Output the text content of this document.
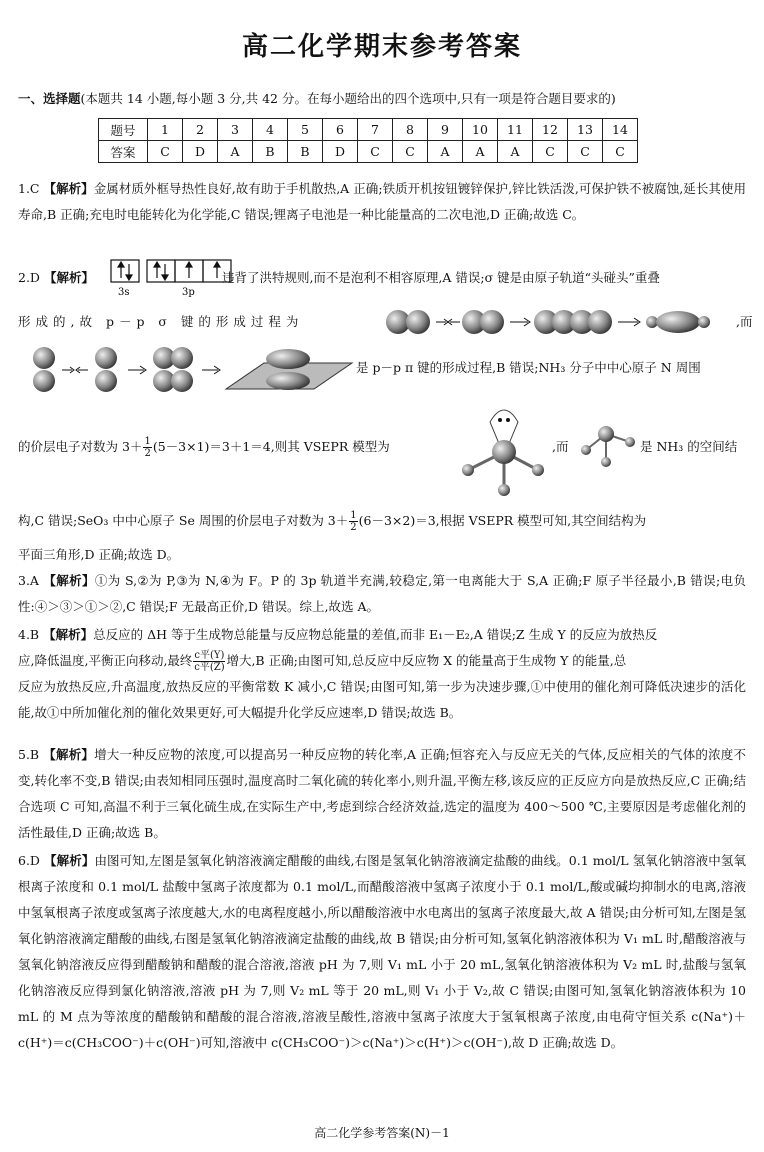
高二化学期末参考答案
一、选择题(本题共 14 小题,每小题 3 分,共 42 分。在每小题给出的四个选项中,只有一项是符合题目要求的)
题号	1	2	3	4	5	6	7	8	9	10	11	12	13	14
答案	C	D	A	B	B	D	C	C	A	A	A	C	C	C
1.C 【解析】金属材质外框导热性良好,故有助于手机散热,A 正确;铁质开机按钮镀锌保护,锌比铁活泼,可保护铁不被腐蚀,延长其使用寿命,B 正确;充电时电能转化为化学能,C 错误;锂离子电池是一种比能量高的二次电池,D 正确;故选 C。
2.D 【解析】	违背了洪特规则,而不是泡利不相容原理,A 错误;σ 键是由原子轨道“头碰头”重叠
3s	3p
形成的,故 p－p σ 键的形成过程为	,而
是 p－p π 键的形成过程,B 错误;NH₃ 分子中中心原子 N 周围
的价层电子对数为 $3+ \frac{1}{2} (5-3\times 1)=3+1=4$,则其 VSEPR 模型为	,而	是 NH₃ 的空间结
构,C 错误;SeO₃ 中中心原子 Se 周围的价层电子对数为 $3+ \frac{1}{2} (6-3\times 2)=3$,根据 VSEPR 模型可知,其空间结构为
平面三角形,D 正确;故选 D。
3.A 【解析】①为 S,②为 P,③为 N,④为 F。P 的 3p 轨道半充满,较稳定,第一电离能大于 S,A 正确;F 原子半径最小,B 错误;电负性:④＞③＞①＞②,C 错误;F 无最高正价,D 错误。综上,故选 A。
4.B 【解析】总反应的 ΔH 等于生成物总能量与反应物总能量的差值,而非 E₁－E₂,A 错误;Z 生成 Y 的反应为放热反
应,降低温度,平衡正向移动,最终 $\frac{\text{c平(Y)}}{\text{c平(Z)}}$ 增大,B 正确;由图可知,总反应中反应物 X 的能量高于生成物 Y 的能量,总
反应为放热反应,升高温度,放热反应的平衡常数 K 减小,C 错误;由图可知,第一步为决速步骤,①中使用的催化剂可降低决速步的活化能,故①中所加催化剂的催化效果更好,可大幅提升化学反应速率,D 错误;故选 B。
5.B 【解析】增大一种反应物的浓度,可以提高另一种反应物的转化率,A 正确;恒容充入与反应无关的气体,反应相关的气体的浓度不变,转化率不变,B 错误;由表知相同压强时,温度高时二氧化硫的转化率小,则升温,平衡左移,该反应的正反应方向是放热反应,C 正确;结合选项 C 可知,高温不利于三氧化硫生成,在实际生产中,考虑到综合经济效益,选定的温度为 400～500 ℃,主要原因是考虑催化剂的活性最佳,D 正确;故选 B。
6.D 【解析】由图可知,左图是氢氧化钠溶液滴定醋酸的曲线,右图是氢氧化钠溶液滴定盐酸的曲线。0.1 mol/L 氢氧化钠溶液中氢氧根离子浓度和 0.1 mol/L 盐酸中氢离子浓度都为 0.1 mol/L,而醋酸溶液中氢离子浓度小于 0.1 mol/L,酸或碱均抑制水的电离,溶液中氢氧根离子浓度或氢离子浓度越大,水的电离程度越小,所以醋酸溶液中水电离出的氢离子浓度最大,故 A 错误;由分析可知,左图是氢氧化钠溶液滴定醋酸的曲线,右图是氢氧化钠溶液滴定盐酸的曲线,故 B 错误;由分析可知,氢氧化钠溶液体积为 V₁ mL 时,醋酸溶液与氢氧化钠溶液反应得到醋酸钠和醋酸的混合溶液,溶液 pH 为 7,则 V₁ mL 小于 20 mL,氢氧化钠溶液体积为 V₂ mL 时,盐酸与氢氧化钠溶液反应得到氯化钠溶液,溶液 pH 为 7,则 V₂ mL 等于 20 mL,则 V₁ 小于 V₂,故 C 错误;由图可知,氢氧化钠溶液体积为 10 mL 的 M 点为等浓度的醋酸钠和醋酸的混合溶液,溶液呈酸性,溶液中氢离子浓度大于氢氧根离子浓度,由电荷守恒关系 c(Na⁺)＋c(H⁺)＝c(CH₃COO⁻)＋c(OH⁻)可知,溶液中 c(CH₃COO⁻)＞c(Na⁺)＞c(H⁺)＞c(OH⁻),故 D 正确;故选 D。
高二化学参考答案(N)－1
